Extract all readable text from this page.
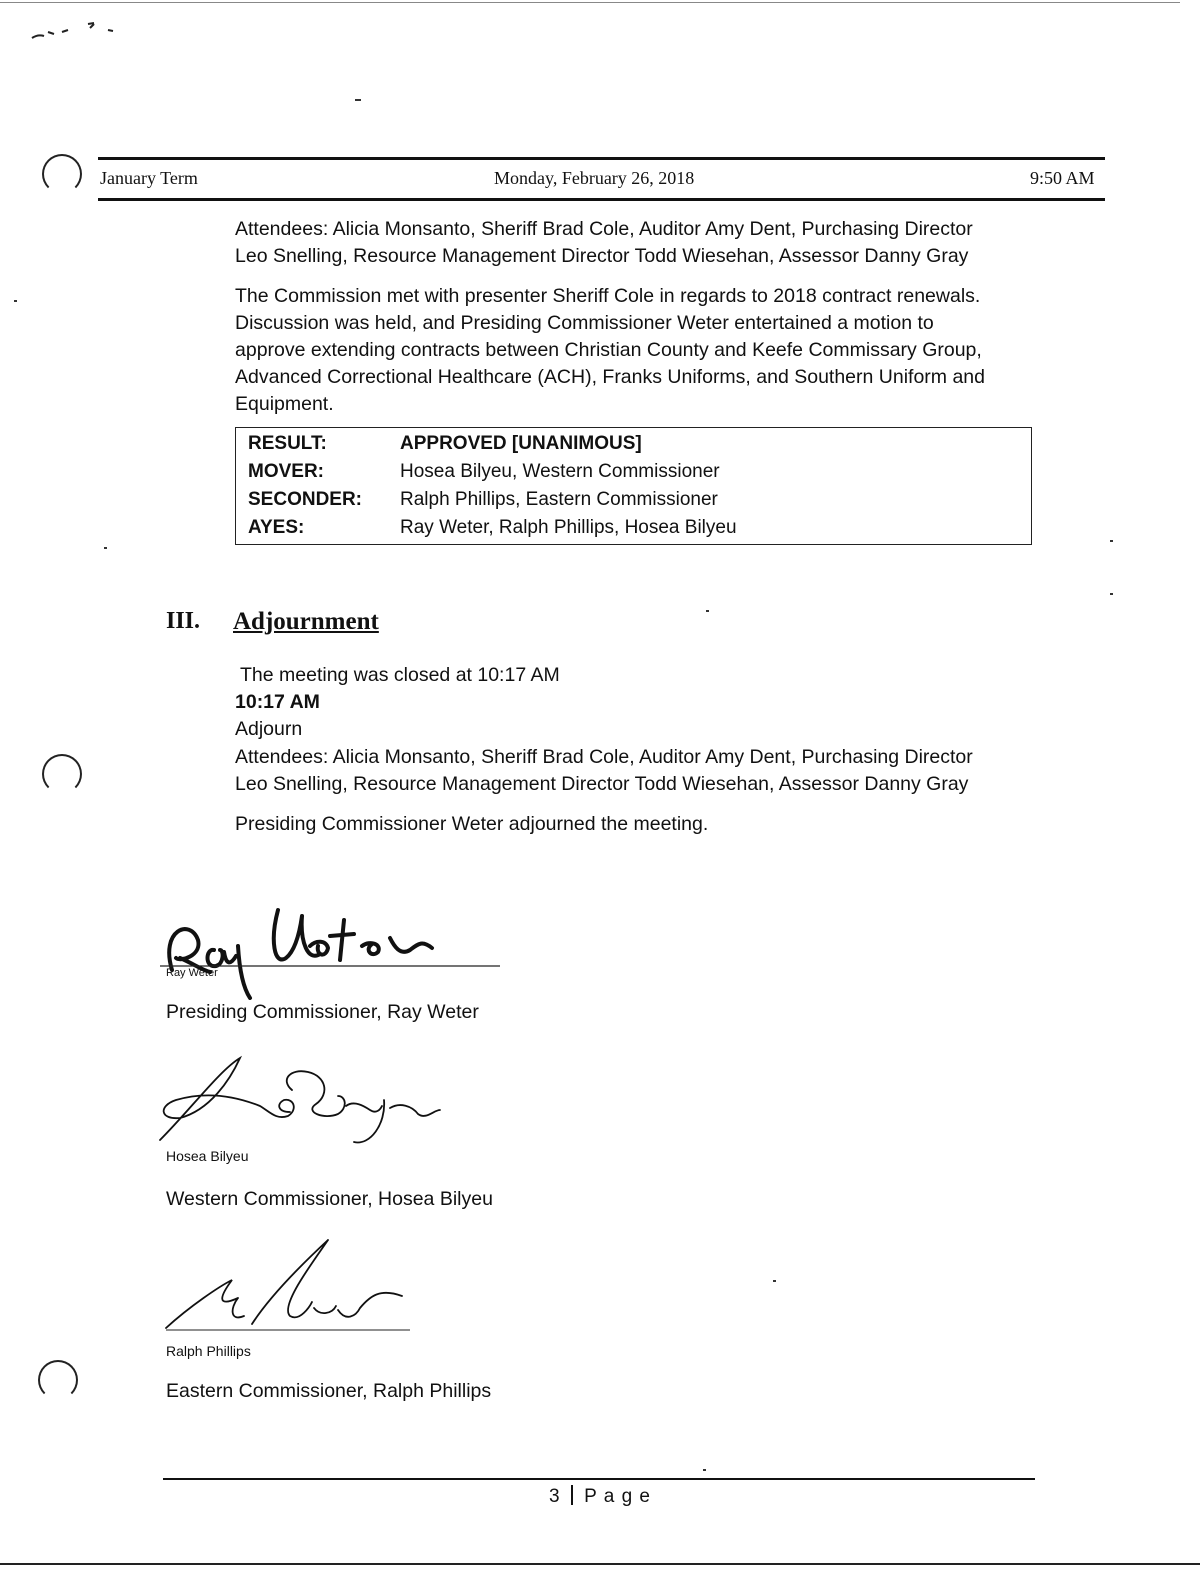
January Term	Monday, February 26, 2018	9:50 AM
Attendees: Alicia Monsanto, Sheriff Brad Cole, Auditor Amy Dent, Purchasing Director
Leo Snelling, Resource Management Director Todd Wiesehan, Assessor Danny Gray
The Commission met with presenter Sheriff Cole in regards to 2018 contract renewals.
Discussion was held, and Presiding Commissioner Weter entertained a motion to
approve extending contracts between Christian County and Keefe Commissary Group,
Advanced Correctional Healthcare (ACH), Franks Uniforms, and Southern Uniform and
Equipment.
RESULT:	APPROVED [UNANIMOUS]
MOVER:	Hosea Bilyeu, Western Commissioner
SECONDER: Ralph Phillips, Eastern Commissioner
AYES:	Ray Weter, Ralph Phillips, Hosea Bilyeu
III. Adjournment
The meeting was closed at 10:17 AM
10:17 AM
Adjourn
Attendees: Alicia Monsanto, Sheriff Brad Cole, Auditor Amy Dent, Purchasing Director
Leo Snelling, Resource Management Director Todd Wiesehan, Assessor Danny Gray
Presiding Commissioner Weter adjourned the meeting.
Ray Weter
Presiding Commissioner, Ray Weter
Hosea Bilyeu
Western Commissioner, Hosea Bilyeu
Ralph Phillips
Eastern Commissioner, Ralph Phillips
3 P a g e
